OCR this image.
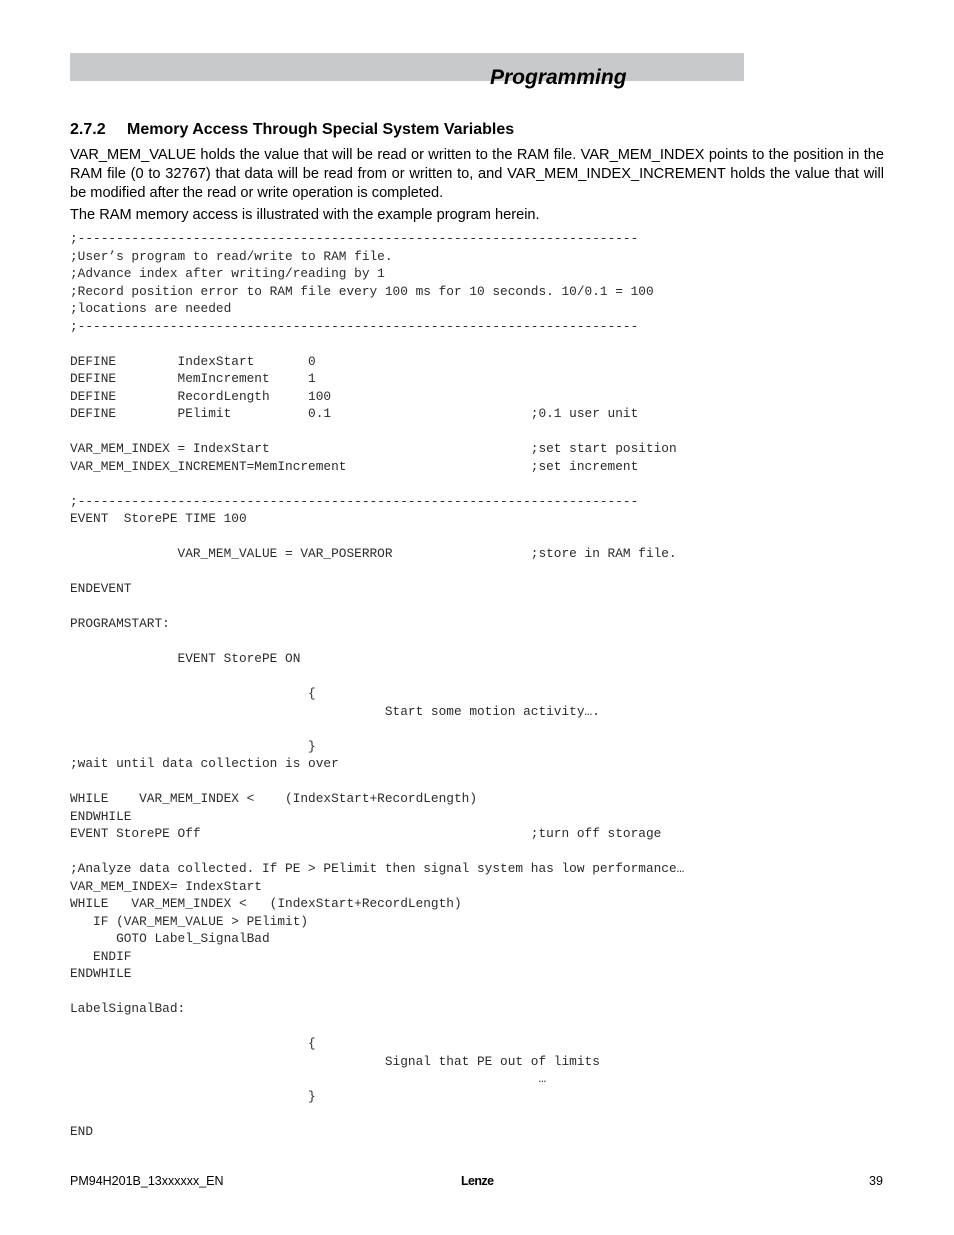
Programming
2.7.2 Memory Access Through Special System Variables
VAR_MEM_VALUE holds the value that will be read or written to the RAM file. VAR_MEM_INDEX points to the position in the RAM file (0 to 32767) that data will be read from or written to, and VAR_MEM_INDEX_INCREMENT holds the value that will be modified after the read or write operation is completed.
The RAM memory access is illustrated with the example program herein.
;-------------------------------------------------------------------------
;User’s program to read/write to RAM file.
;Advance index after writing/reading by 1
;Record position error to RAM file every 100 ms for 10 seconds. 10/0.1 = 100
;locations are needed
;-------------------------------------------------------------------------
DEFINE        IndexStart       0
DEFINE        MemIncrement     1
DEFINE        RecordLength     100
DEFINE        PElimit          0.1                          ;0.1 user unit
VAR_MEM_INDEX = IndexStart                                  ;set start position
VAR_MEM_INDEX_INCREMENT=MemIncrement                        ;set increment
;-------------------------------------------------------------------------
EVENT  StorePE TIME 100
VAR_MEM_VALUE = VAR_POSERROR                  ;store in RAM file.
ENDEVENT
PROGRAMSTART:
EVENT StorePE ON
{
Start some motion activity….
}
;wait until data collection is over
WHILE    VAR_MEM_INDEX <    (IndexStart+RecordLength)
ENDWHILE
EVENT StorePE Off                                           ;turn off storage
;Analyze data collected. If PE > PElimit then signal system has low performance…
VAR_MEM_INDEX= IndexStart
WHILE   VAR_MEM_INDEX <   (IndexStart+RecordLength)
IF (VAR_MEM_VALUE > PElimit)
GOTO Label_SignalBad
ENDIF
ENDWHILE
LabelSignalBad:
{
Signal that PE out of limits
…
}
END
PM94H201B_13xxxxxx_EN	Lenze	39
